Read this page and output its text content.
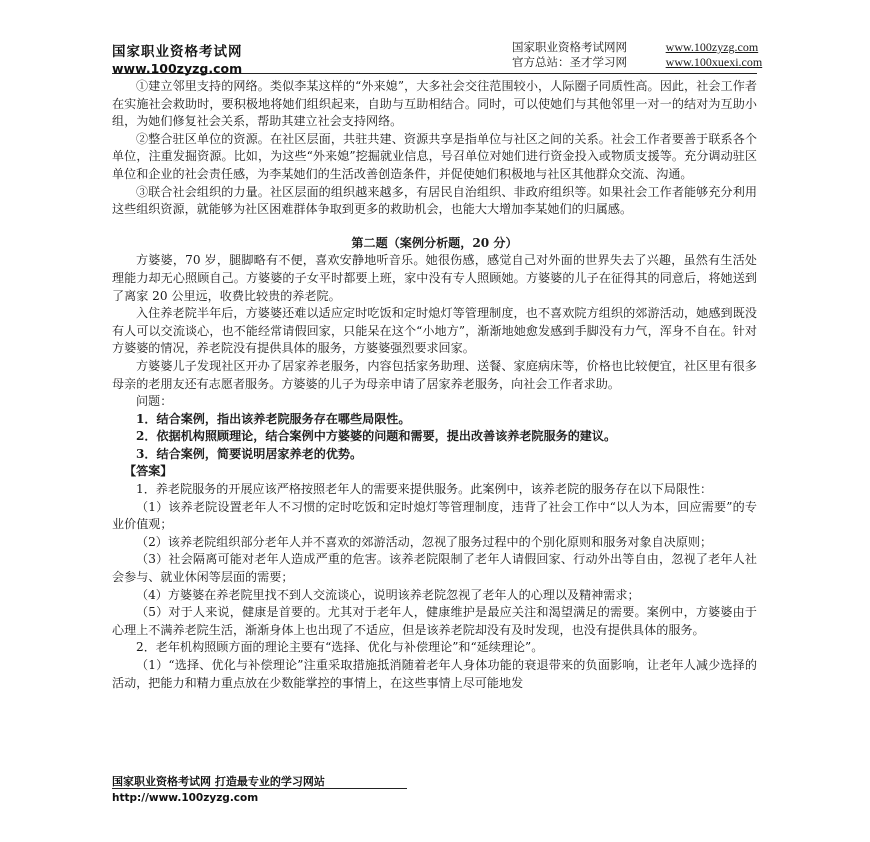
国家职业资格考试网
www.100zyzg.com
国家职业资格考试网网	www.100zyzg.com
官方总站：圣才学习网	www.100xuexi.com

①建立邻里支持的网络。类似李某这样的“外来媳”，大多社会交往范围较小，人际圈子同质性高。因此，社会工作者在实施社会救助时，要积极地将她们组织起来，自助与互助相结合。同时，可以使她们与其他邻里一对一的结对为互助小组，为她们修复社会关系，帮助其建立社会支持网络。

②整合驻区单位的资源。在社区层面，共驻共建、资源共享是指单位与社区之间的关系。社会工作者要善于联系各个单位，注重发掘资源。比如，为这些“外来媳”挖掘就业信息，号召单位对她们进行资金投入或物质支援等。充分调动驻区单位和企业的社会责任感，为李某她们的生活改善创造条件，并促使她们积极地与社区其他群众交流、沟通。

③联合社会组织的力量。社区层面的组织越来越多，有居民自治组织、非政府组织等。如果社会工作者能够充分利用这些组织资源，就能够为社区困难群体争取到更多的救助机会，也能大大增加李某她们的归属感。

第二题（案例分析题，20 分）

方婆婆，70 岁，腿脚略有不便，喜欢安静地听音乐。她很伤感，感觉自己对外面的世界失去了兴趣，虽然有生活处理能力却无心照顾自己。方婆婆的子女平时都要上班，家中没有专人照顾她。方婆婆的儿子在征得其的同意后，将她送到了离家 20 公里远，收费比较贵的养老院。

入住养老院半年后，方婆婆还难以适应定时吃饭和定时熄灯等管理制度，也不喜欢院方组织的郊游活动，她感到既没有人可以交流谈心，也不能经常请假回家，只能呆在这个“小地方”，渐渐地她愈发感到手脚没有力气，浑身不自在。针对方婆婆的情况，养老院没有提供具体的服务，方婆婆强烈要求回家。

方婆婆儿子发现社区开办了居家养老服务，内容包括家务助理、送餐、家庭病床等，价格也比较便宜，社区里有很多母亲的老朋友还有志愿者服务。方婆婆的儿子为母亲申请了居家养老服务，向社会工作者求助。

问题：

1．结合案例，指出该养老院服务存在哪些局限性。

2．依据机构照顾理论，结合案例中方婆婆的问题和需要，提出改善该养老院服务的建议。

3．结合案例，简要说明居家养老的优势。

【答案】

1．养老院服务的开展应该严格按照老年人的需要来提供服务。此案例中，该养老院的服务存在以下局限性：

（1）该养老院设置老年人不习惯的定时吃饭和定时熄灯等管理制度，违背了社会工作中“以人为本，回应需要”的专业价值观；

（2）该养老院组织部分老年人并不喜欢的郊游活动，忽视了服务过程中的个别化原则和服务对象自决原则；

（3）社会隔离可能对老年人造成严重的危害。该养老院限制了老年人请假回家、行动外出等自由，忽视了老年人社会参与、就业休闲等层面的需要；

（4）方婆婆在养老院里找不到人交流谈心，说明该养老院忽视了老年人的心理以及精神需求；

（5）对于人来说，健康是首要的。尤其对于老年人，健康维护是最应关注和渴望满足的需要。案例中，方婆婆由于心理上不满养老院生活，渐渐身体上也出现了不适应，但是该养老院却没有及时发现，也没有提供具体的服务。

2．老年机构照顾方面的理论主要有“选择、优化与补偿理论”和“延续理论”。

（1）“选择、优化与补偿理论”注重采取措施抵消随着老年人身体功能的衰退带来的负面影响，让老年人减少选择的活动，把能力和精力重点放在少数能掌控的事情上，在这些事情上尽可能地发

国家职业资格考试网 打造最专业的学习网站
http://www.100zyzg.com
